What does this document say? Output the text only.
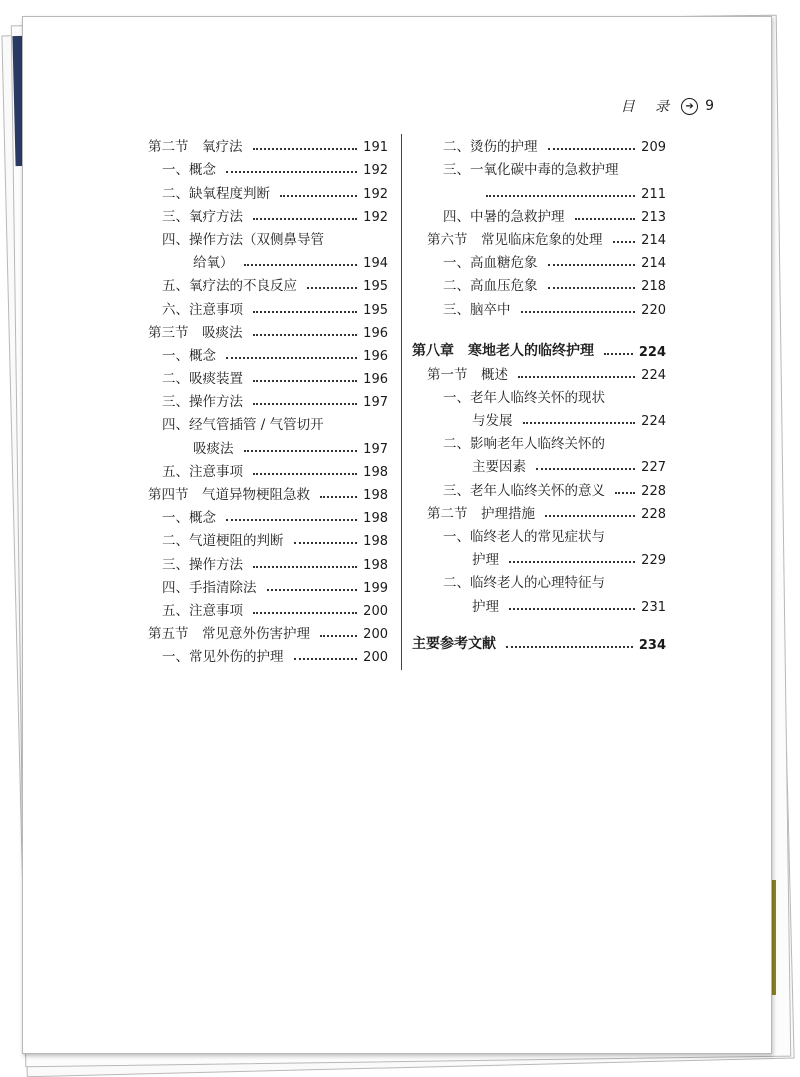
目 录 ➔ 9
第二节　氧疗法	191
一、概念	192
二、缺氧程度判断	192
三、氧疗方法	192
四、操作方法（双侧鼻导管
给氧）	194
五、氧疗法的不良反应	195
六、注意事项	195
第三节　吸痰法	196
一、概念	196
二、吸痰装置	196
三、操作方法	197
四、经气管插管 / 气管切开
吸痰法	197
五、注意事项	198
第四节　气道异物梗阻急救	198
一、概念	198
二、气道梗阻的判断	198
三、操作方法	198
四、手指清除法	199
五、注意事项	200
第五节　常见意外伤害护理	200
一、常见外伤的护理	200
二、烫伤的护理	209
三、一氧化碳中毒的急救护理
211
四、中暑的急救护理	213
第六节　常见临床危象的处理	214
一、高血糖危象	214
二、高血压危象	218
三、脑卒中	220
第八章　寒地老人的临终护理	224
第一节　概述	224
一、老年人临终关怀的现状
与发展	224
二、影响老年人临终关怀的
主要因素	227
三、老年人临终关怀的意义	228
第二节　护理措施	228
一、临终老人的常见症状与
护理	229
二、临终老人的心理特征与
护理	231
主要参考文献	234
